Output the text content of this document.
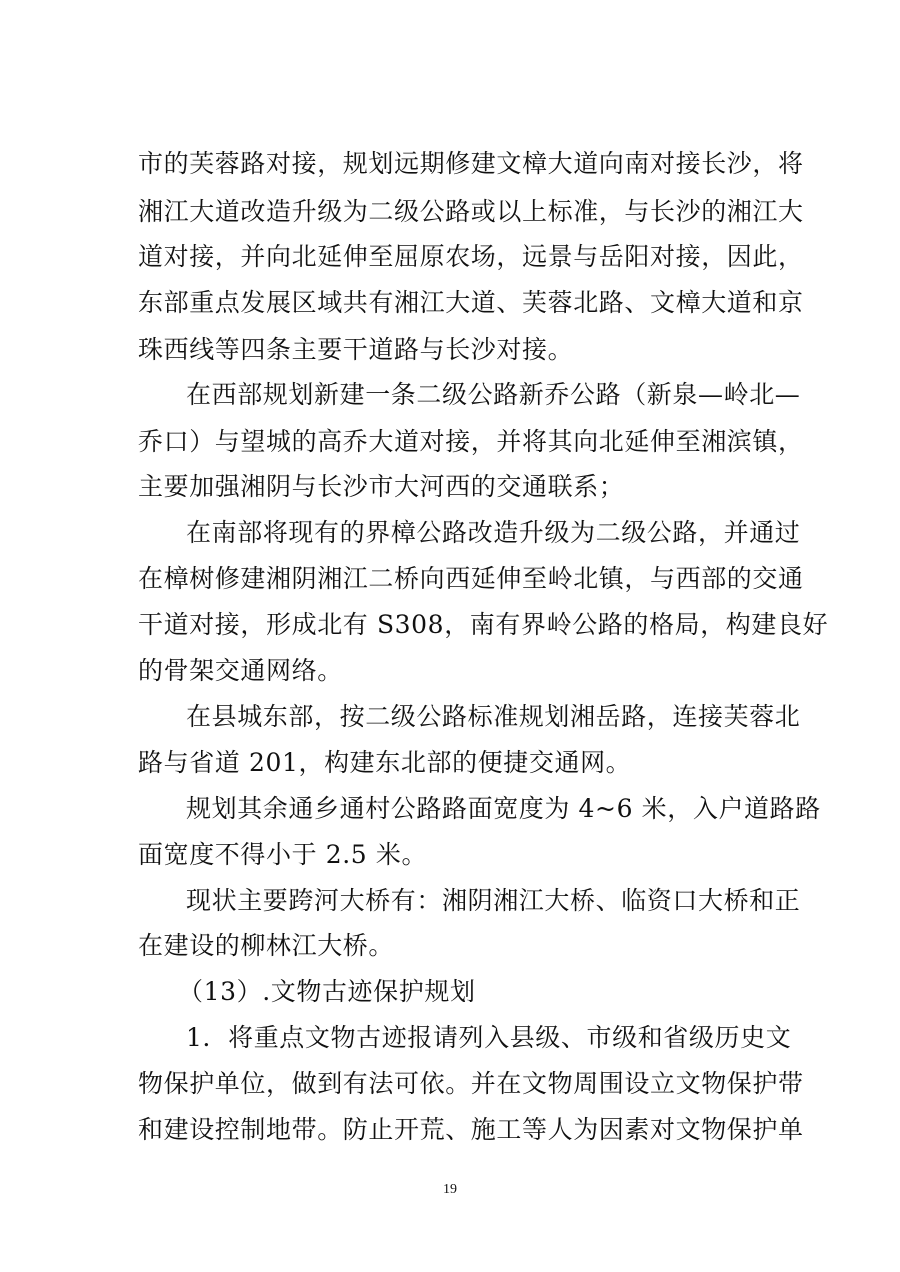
市的芙蓉路对接，规划远期修建文樟大道向南对接长沙，将
湘江大道改造升级为二级公路或以上标准，与长沙的湘江大
道对接，并向北延伸至屈原农场，远景与岳阳对接，因此，
东部重点发展区域共有湘江大道、芙蓉北路、文樟大道和京
珠西线等四条主要干道路与长沙对接。
在西部规划新建一条二级公路新乔公路（新泉—岭北—
乔口）与望城的高乔大道对接，并将其向北延伸至湘滨镇，
主要加强湘阴与长沙市大河西的交通联系；
在南部将现有的界樟公路改造升级为二级公路，并通过
在樟树修建湘阴湘江二桥向西延伸至岭北镇，与西部的交通
干道对接，形成北有 S308，南有界岭公路的格局，构建良好
的骨架交通网络。
在县城东部，按二级公路标准规划湘岳路，连接芙蓉北
路与省道 201，构建东北部的便捷交通网。
规划其余通乡通村公路路面宽度为 4~6 米，入户道路路
面宽度不得小于 2.5 米。
现状主要跨河大桥有：湘阴湘江大桥、临资口大桥和正
在建设的柳林江大桥。
（13）.文物古迹保护规划
1．将重点文物古迹报请列入县级、市级和省级历史文
物保护单位，做到有法可依。并在文物周围设立文物保护带
和建设控制地带。防止开荒、施工等人为因素对文物保护单
19
